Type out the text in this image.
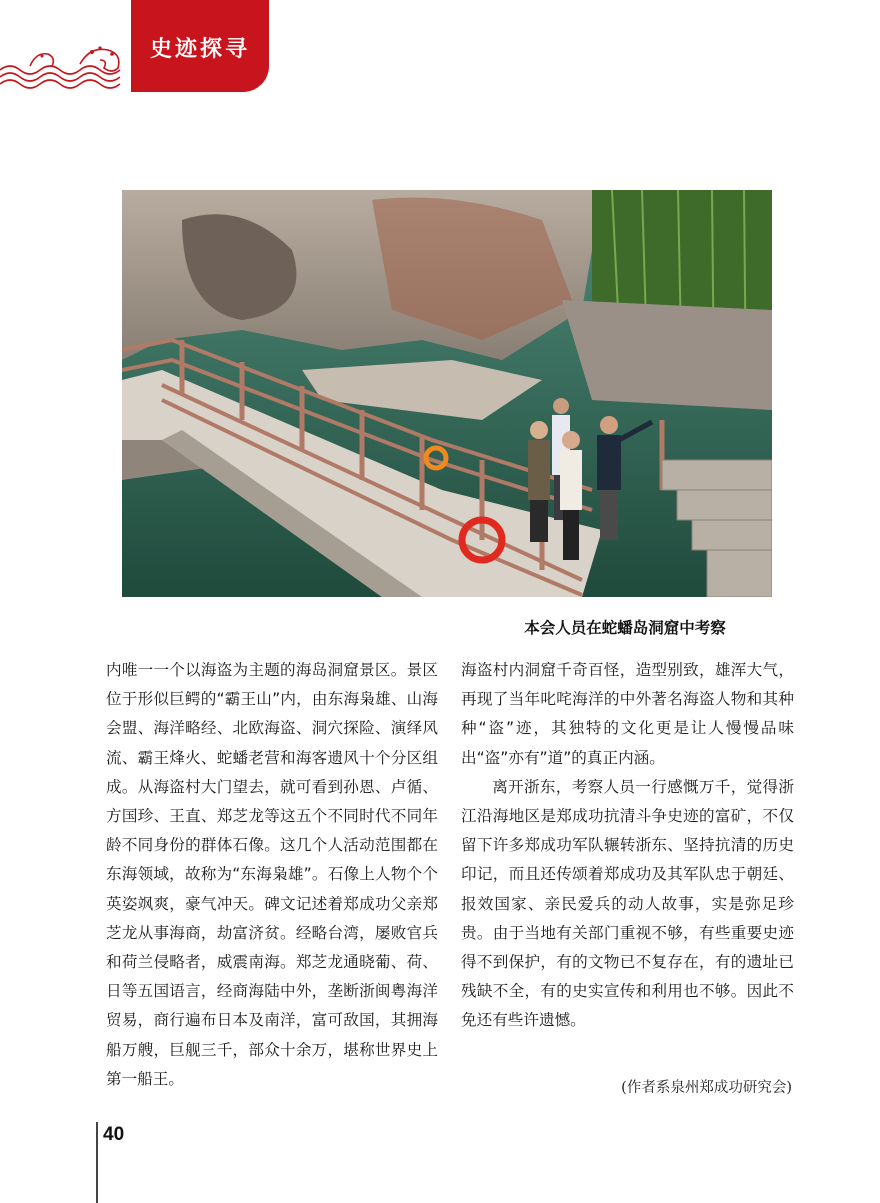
史迹探寻
本会人员在蛇蟠岛洞窟中考察

内唯一一个以海盗为主题的海岛洞窟景区。景区位于形似巨鳄的“霸王山”内，由东海枭雄、山海会盟、海洋略经、北欧海盗、洞穴探险、演绎风流、霸王烽火、蛇蟠老营和海客遗风十个分区组成。从海盗村大门望去，就可看到孙恩、卢循、方国珍、王直、郑芝龙等这五个不同时代不同年龄不同身份的群体石像。这几个人活动范围都在东海领域，故称为“东海枭雄”。石像上人物个个英姿飒爽，豪气冲天。碑文记述着郑成功父亲郑芝龙从事海商，劫富济贫。经略台湾，屡败官兵和荷兰侵略者，威震南海。郑芝龙通晓葡、荷、日等五国语言，经商海陆中外，垄断浙闽粤海洋贸易，商行遍布日本及南洋，富可敌国，其拥海船万艘，巨舰三千，部众十余万，堪称世界史上第一船王。

海盗村内洞窟千奇百怪，造型别致，雄浑大气，再现了当年叱咤海洋的中外著名海盗人物和其种种“盗”迹，其独特的文化更是让人慢慢品味出“盗”亦有”道”的真正内涵。

离开浙东，考察人员一行感慨万千，觉得浙江沿海地区是郑成功抗清斗争史迹的富矿，不仅留下许多郑成功军队辗转浙东、坚持抗清的历史印记，而且还传颂着郑成功及其军队忠于朝廷、报效国家、亲民爱兵的动人故事，实是弥足珍贵。由于当地有关部门重视不够，有些重要史迹得不到保护，有的文物已不复存在，有的遗址已残缺不全，有的史实宣传和利用也不够。因此不免还有些许遗憾。

(作者系泉州郑成功研究会)
40
